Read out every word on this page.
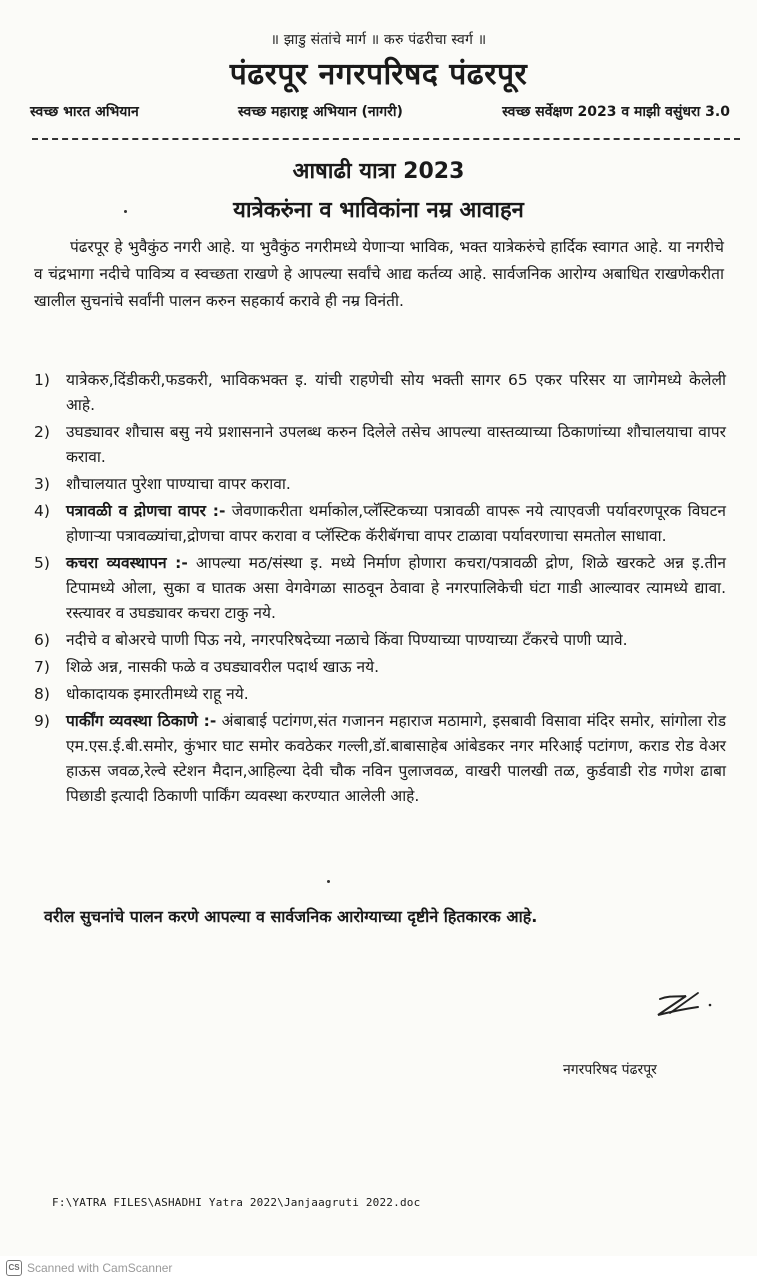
॥ झाडु संतांचे मार्ग ॥ करु पंढरीचा स्वर्ग ॥
पंढरपूर नगरपरिषद पंढरपूर
स्वच्छ भारत अभियान	स्वच्छ महाराष्ट्र अभियान (नागरी)	स्वच्छ सर्वेक्षण 2023 व माझी वसुंधरा 3.0
आषाढी यात्रा 2023
यात्रेकरुंना व भाविकांना नम्र आवाहन
पंढरपूर हे भुवैकुंठ नगरी आहे. या भुवैकुंठ नगरीमध्ये येणाऱ्या भाविक, भक्त यात्रेकरुंचे हार्दिक स्वागत आहे. या नगरीचे व चंद्रभागा नदीचे पावित्र्य व स्वच्छता राखणे हे आपल्या सर्वांचे आद्य कर्तव्य आहे. सार्वजनिक आरोग्य अबाधित राखणेकरीता खालील सुचनांचे सर्वांनी पालन करुन सहकार्य करावे ही नम्र विनंती.
1)	यात्रेकरु,दिंडीकरी,फडकरी, भाविकभक्त इ. यांची राहणेची सोय भक्ती सागर 65 एकर परिसर या जागेमध्ये केलेली आहे.
2)	उघड्यावर शौचास बसु नये प्रशासनाने उपलब्ध करुन दिलेले तसेच आपल्या वास्तव्याच्या ठिकाणांच्या शौचालयाचा वापर करावा.
3)	शौचालयात पुरेशा पाण्याचा वापर करावा.
4)	पत्रावळी व द्रोणचा वापर :- जेवणाकरीता थर्माकोल,प्लॅस्टिकच्या पत्रावळी वापरू नये त्याएवजी पर्यावरणपूरक विघटन होणाऱ्या पत्रावळ्यांचा,द्रोणचा वापर करावा व प्लॅस्टिक कॅरीबॅगचा वापर टाळावा पर्यावरणाचा समतोल साधावा.
5)	कचरा व्यवस्थापन :- आपल्या मठ/संस्था इ. मध्ये निर्माण होणारा कचरा/पत्रावळी द्रोण, शिळे खरकटे अन्न इ.तीन टिपामध्ये ओला, सुका व घातक असा वेगवेगळा साठवून ठेवावा हे नगरपालिकेची घंटा गाडी आल्यावर त्यामध्ये द्यावा. रस्त्यावर व उघड्यावर कचरा टाकु नये.
6)	नदीचे व बोअरचे पाणी पिऊ नये, नगरपरिषदेच्या नळाचे किंवा पिण्याच्या पाण्याच्या टँकरचे पाणी प्यावे.
7)	शिळे अन्न, नासकी फळे व उघड्यावरील पदार्थ खाऊ नये.
8)	धोकादायक इमारतीमध्ये राहू नये.
9)	पार्कींग व्यवस्था ठिकाणे :- अंबाबाई पटांगण,संत गजानन महाराज मठामागे, इसबावी विसावा मंदिर समोर, सांगोला रोड एम.एस.ई.बी.समोर, कुंभार घाट समोर कवठेकर गल्ली,डॉ.बाबासाहेब आंबेडकर नगर मरिआई पटांगण, कराड रोड वेअर हाऊस जवळ,रेल्वे स्टेशन मैदान,आहिल्या देवी चौक नविन पुलाजवळ, वाखरी पालखी तळ, कुर्डवाडी रोड गणेश ढाबा पिछाडी इत्यादी ठिकाणी पार्किंग व्यवस्था करण्यात आलेली आहे.
वरील सुचनांचे पालन करणे आपल्या व सार्वजनिक आरोग्याच्या दृष्टीने हितकारक आहे.
नगरपरिषद पंढरपूर
F:\YATRA FILES\ASHADHI Yatra 2022\Janjaagruti 2022.doc
CS Scanned with CamScanner
